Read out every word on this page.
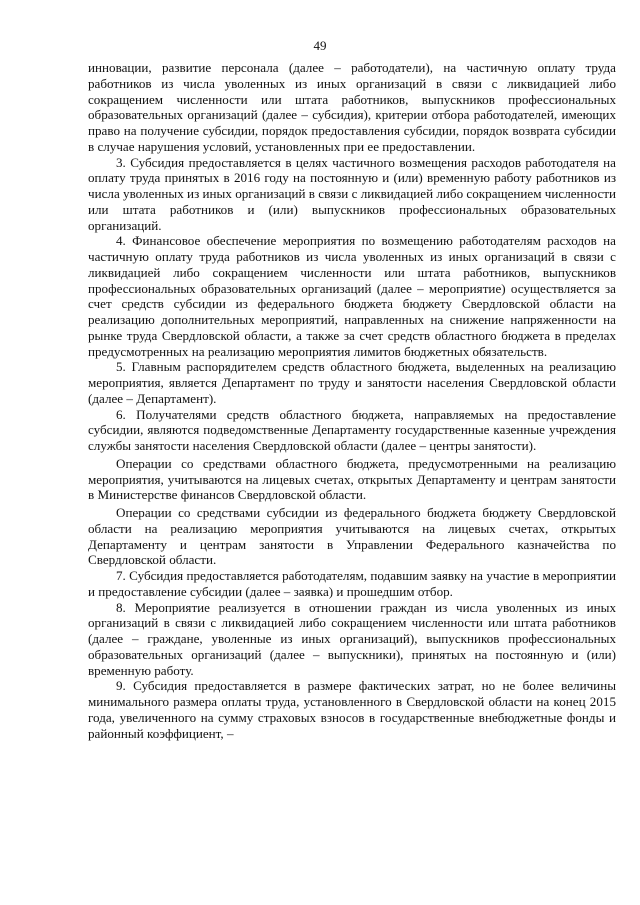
49

инновации, развитие персонала (далее – работодатели), на частичную оплату труда работников из числа уволенных из иных организаций в связи с ликвидацией либо сокращением численности или штата работников, выпускников профессиональных образовательных организаций (далее – субсидия), критерии отбора работодателей, имеющих право на получение субсидии, порядок предоставления субсидии, порядок возврата субсидии в случае нарушения условий, установленных при ее предоставлении.

3. Субсидия предоставляется в целях частичного возмещения расходов работодателя на оплату труда принятых в 2016 году на постоянную и (или) временную работу работников из числа уволенных из иных организаций в связи с ликвидацией либо сокращением численности или штата работников и (или) выпускников профессиональных образовательных организаций.

4. Финансовое обеспечение мероприятия по возмещению работодателям расходов на частичную оплату труда работников из числа уволенных из иных организаций в связи с ликвидацией либо сокращением численности или штата работников, выпускников профессиональных образовательных организаций (далее – мероприятие) осуществляется за счет средств субсидии из федерального бюджета бюджету Свердловской области на реализацию дополнительных мероприятий, направленных на снижение напряженности на рынке труда Свердловской области, а также за счет средств областного бюджета в пределах предусмотренных на реализацию мероприятия лимитов бюджетных обязательств.

5. Главным распорядителем средств областного бюджета, выделенных на реализацию мероприятия, является Департамент по труду и занятости населения Свердловской области (далее – Департамент).

6. Получателями средств областного бюджета, направляемых на предоставление субсидии, являются подведомственные Департаменту государственные казенные учреждения службы занятости населения Свердловской области (далее – центры занятости).

Операции со средствами областного бюджета, предусмотренными на реализацию мероприятия, учитываются на лицевых счетах, открытых Департаменту и центрам занятости в Министерстве финансов Свердловской области.

Операции со средствами субсидии из федерального бюджета бюджету Свердловской области на реализацию мероприятия учитываются на лицевых счетах, открытых Департаменту и центрам занятости в Управлении Федерального казначейства по Свердловской области.

7. Субсидия предоставляется работодателям, подавшим заявку на участие в мероприятии и предоставление субсидии (далее – заявка) и прошедшим отбор.

8. Мероприятие реализуется в отношении граждан из числа уволенных из иных организаций в связи с ликвидацией либо сокращением численности или штата работников (далее – граждане, уволенные из иных организаций), выпускников профессиональных образовательных организаций (далее – выпускники), принятых на постоянную и (или) временную работу.

9. Субсидия предоставляется в размере фактических затрат, но не более величины минимального размера оплаты труда, установленного в Свердловской области на конец 2015 года, увеличенного на сумму страховых взносов в государственные внебюджетные фонды и районный коэффициент, –
